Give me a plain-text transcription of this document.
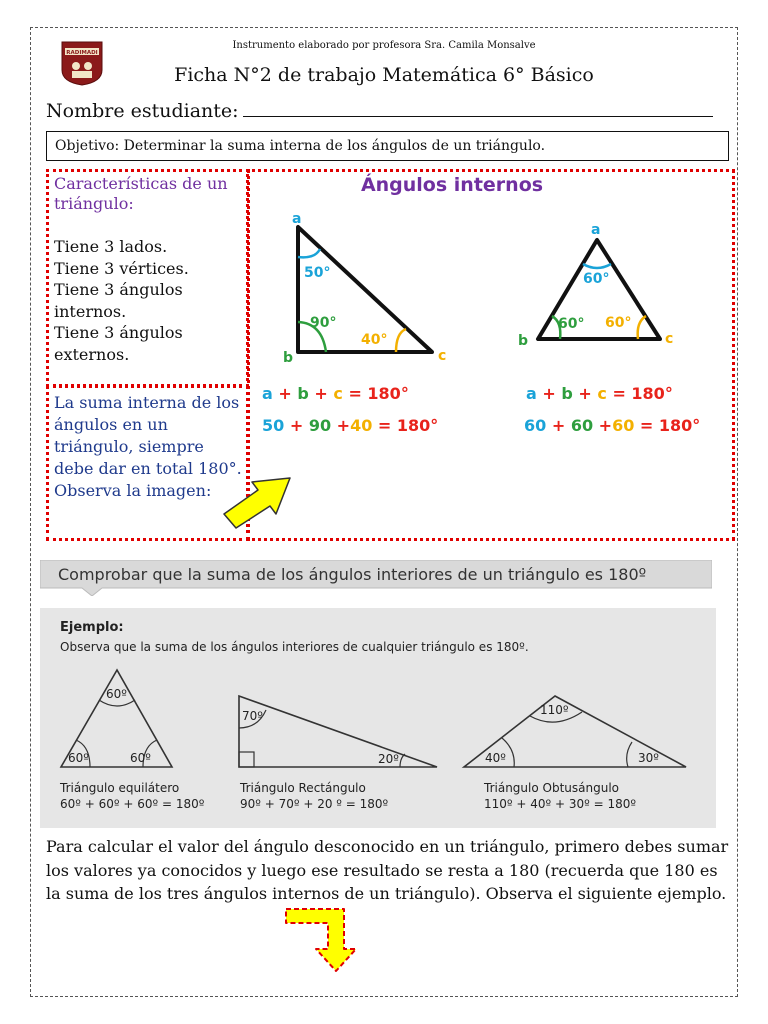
RADIMADI
Instrumento elaborado por profesora Sra. Camila Monsalve
Ficha N°2 de trabajo Matemática 6° Básico
Nombre estudiante:
Objetivo: Determinar la suma interna de los ángulos de un triángulo.
Características de un triángulo:
Tiene 3 lados.
Tiene 3 vértices.
Tiene 3 ángulos internos.
Tiene 3 ángulos externos.
La suma interna de los ángulos en un triángulo, siempre debe dar en total 180°. Observa la imagen:
Ángulos internos
a
b	c
50°
90°
40°
a
b	c
60°
60° 60°
a + b + c = 180°
50 + 90 +40 = 180°
a + b + c = 180°
60 + 60 +60 = 180°
Comprobar que la suma de los ángulos interiores de un triángulo es 180º
Ejemplo:
Observa que la suma de los ángulos interiores de cualquier triángulo es 180º.
60º
60º	60º
Triángulo equilátero
60º + 60º + 60º = 180º
70º
20º
Triángulo Rectángulo
90º + 70º + 20 º = 180º
110º
40º	30º
Triángulo Obtusángulo
110º + 40º + 30º = 180º
Para calcular el valor del ángulo desconocido en un triángulo, primero debes sumar los valores ya conocidos y luego ese resultado se resta a 180 (recuerda que 180 es la suma de los tres ángulos internos de un triángulo). Observa el siguiente ejemplo.
